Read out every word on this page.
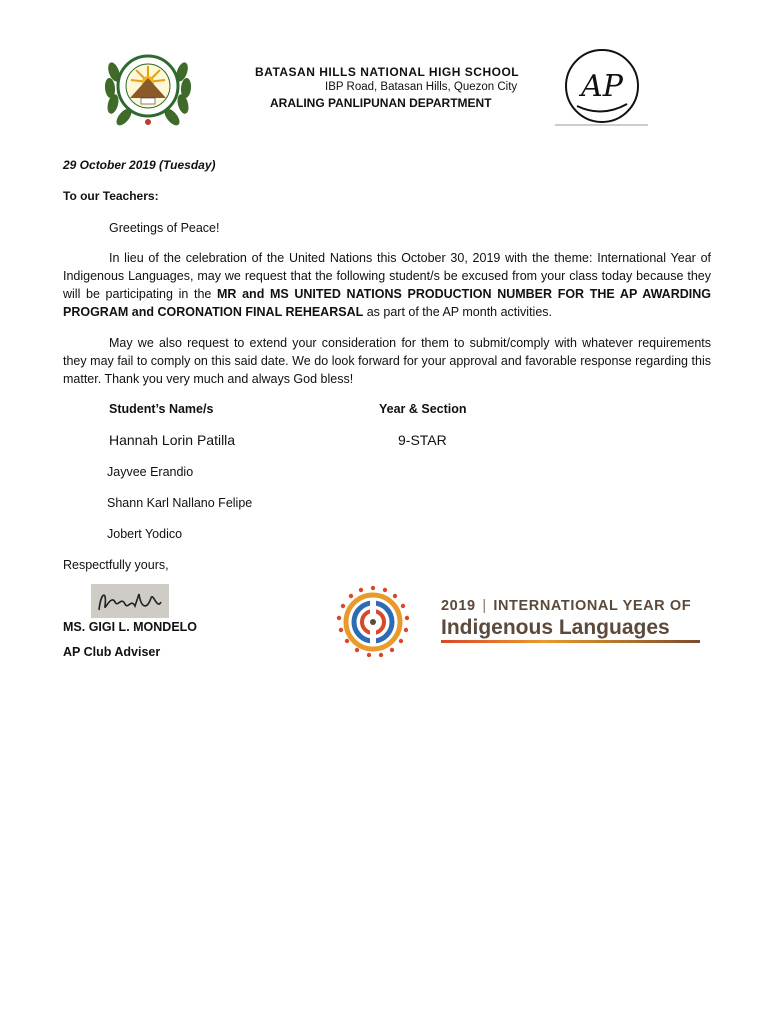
AP
BATASAN HILLS NATIONAL HIGH SCHOOL
IBP Road, Batasan Hills, Quezon City
ARALING PANLIPUNAN DEPARTMENT
29 October 2019 (Tuesday)
To our Teachers:
Greetings of Peace!

In lieu of the celebration of the United Nations this October 30, 2019 with the theme: International Year of Indigenous Languages, may we request that the following student/s be excused from your class today because they will be participating in the MR and MS UNITED NATIONS PRODUCTION NUMBER FOR THE AP AWARDING PROGRAM and CORONATION FINAL REHEARSAL as part of the AP month activities.

May we also request to extend your consideration for them to submit/comply with whatever requirements they may fail to comply on this said date. We do look forward for your approval and favorable response regarding this matter. Thank you very much and always God bless!

Student’s Name/s	Year & Section
Hannah Lorin Patilla	9-STAR
Jayvee Erandio
Shann Karl Nallano Felipe
Jobert Yodico
Respectfully yours,
MS. GIGI L. MONDELO
AP Club Adviser
2019 | INTERNATIONAL YEAR OF
Indigenous Languages
